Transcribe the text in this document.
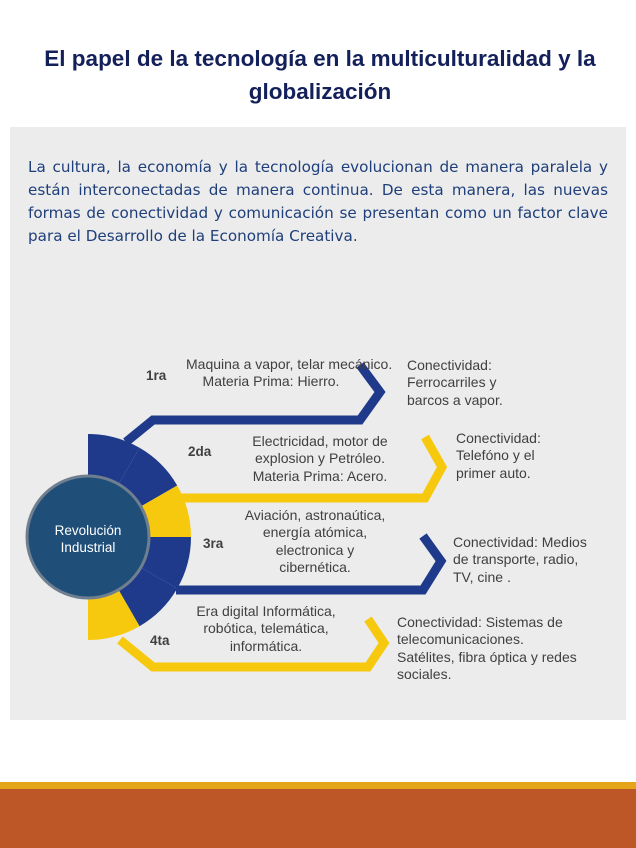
El papel de la tecnología en la multiculturalidad y la globalización
La cultura, la economía y la tecnología evolucionan de manera paralela y están interconectadas de manera continua. De esta manera, las nuevas formas de conectividad y comunicación se presentan como un factor clave para el Desarrollo de la Economía Creativa.
Revolución Industrial
1ra
2da
3ra
4ta
Maquina a vapor, telar mecánico.
Materia Prima: Hierro.
Electricidad, motor de
explosion y Petróleo.
Materia Prima: Acero.
Aviación, astronaútica,
energía atómica,
electronica y
cibernética.
Era digital Informática,
robótica, telemática,
informática.
Conectividad:
Ferrocarriles y
barcos a vapor.
Conectividad:
Telefóno y el
primer auto.
Conectividad: Medios
de transporte, radio,
TV, cine .
Conectividad: Sistemas de
telecomunicaciones.
Satélites, fibra óptica y redes
sociales.
